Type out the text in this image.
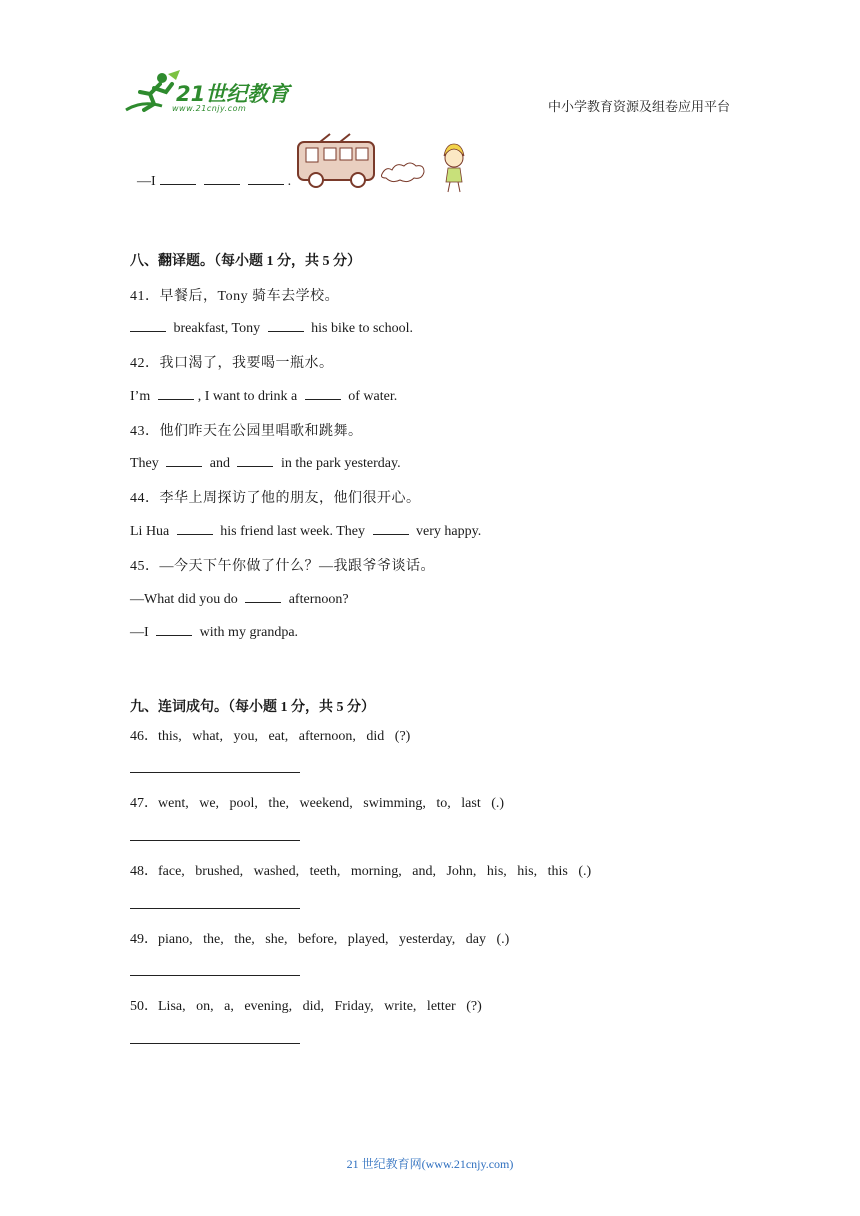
21世纪教育
www.21cnjy.com	中小学教育资源及组卷应用平台

—I	.

八、翻译题。（每小题 1 分，共 5 分）
41．早餐后，Tony 骑车去学校。
breakfast, Tony	his bike to school.
42．我口渴了，我要喝一瓶水。
I’m	, I want to drink a	of water.
43．他们昨天在公园里唱歌和跳舞。
They	and	in the park yesterday.
44．李华上周探访了他的朋友，他们很开心。
Li Hua	his friend last week. They	very happy.
45．—今天下午你做了什么？—我跟爷爷谈话。
—What did you do	afternoon?
—I	with my grandpa.
九、连词成句。（每小题 1 分，共 5 分）
46．this,   what,   you,   eat,   afternoon,   did   (?)
47．went,   we,   pool,   the,   weekend,   swimming,   to,   last   (.)
48．face,   brushed,   washed,   teeth,   morning,   and,   John,   his,   his,   this   (.)
49．piano,   the,   the,   she,   before,   played,   yesterday,   day   (.)
50．Lisa,   on,   a,   evening,   did,   Friday,   write,   letter   (?)
21 世纪教育网(www.21cnjy.com)
